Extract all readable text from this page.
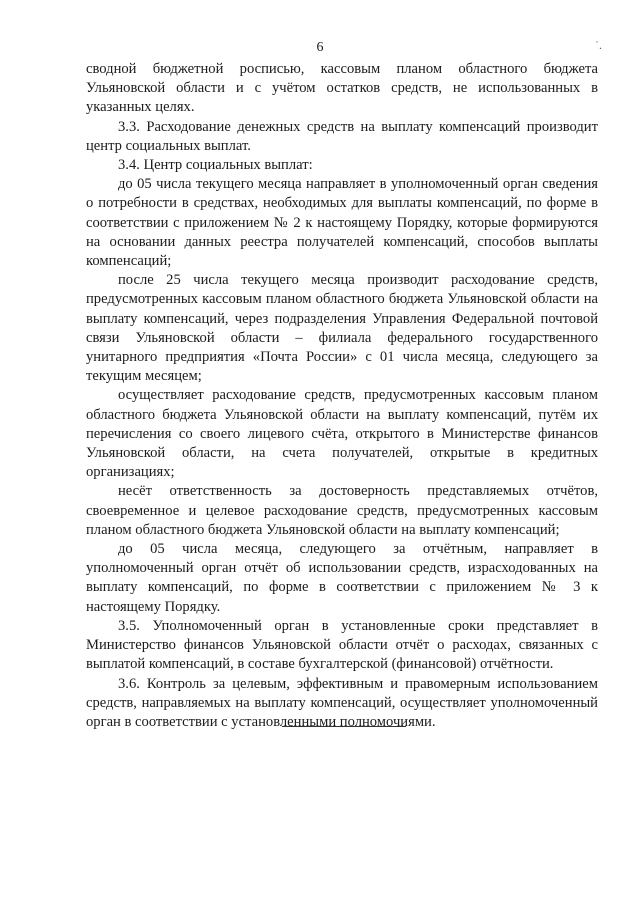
6	˙.

сводной бюджетной росписью, кассовым планом областного бюджета Ульяновской области и с учётом остатков средств, не использованных в указанных целях.

3.3. Расходование денежных средств на выплату компенсаций производит центр социальных выплат.

3.4. Центр социальных выплат:

до 05 числа текущего месяца направляет в уполномоченный орган сведения о потребности в средствах, необходимых для выплаты компенсаций, по форме в соответствии с приложением № 2 к настоящему Порядку, которые формируются на основании данных реестра получателей компенсаций, способов выплаты компенсаций;

после 25 числа текущего месяца производит расходование средств, предусмотренных кассовым планом областного бюджета Ульяновской области на выплату компенсаций, через подразделения Управления Федеральной почтовой связи Ульяновской области – филиала федерального государственного унитарного предприятия «Почта России» с 01 числа месяца, следующего за текущим месяцем;

осуществляет расходование средств, предусмотренных кассовым планом областного бюджета Ульяновской области на выплату компенсаций, путём их перечисления со своего лицевого счёта, открытого в Министерстве финансов Ульяновской области, на счета получателей, открытые в кредитных организациях;

несёт ответственность за достоверность представляемых отчётов, своевременное и целевое расходование средств, предусмотренных кассовым планом областного бюджета Ульяновской области на выплату компенсаций;

до 05 числа месяца, следующего за отчётным, направляет в уполномоченный орган отчёт об использовании средств, израсходованных на выплату компенсаций, по форме в соответствии с приложением № 3 к настоящему Порядку.

3.5. Уполномоченный орган в установленные сроки представляет в Министерство финансов Ульяновской области отчёт о расходах, связанных с выплатой компенсаций, в составе бухгалтерской (финансовой) отчётности.

3.6. Контроль за целевым, эффективным и правомерным использованием средств, направляемых на выплату компенсаций, осуществляет уполномоченный орган в соответствии с установленными полномочиями.
